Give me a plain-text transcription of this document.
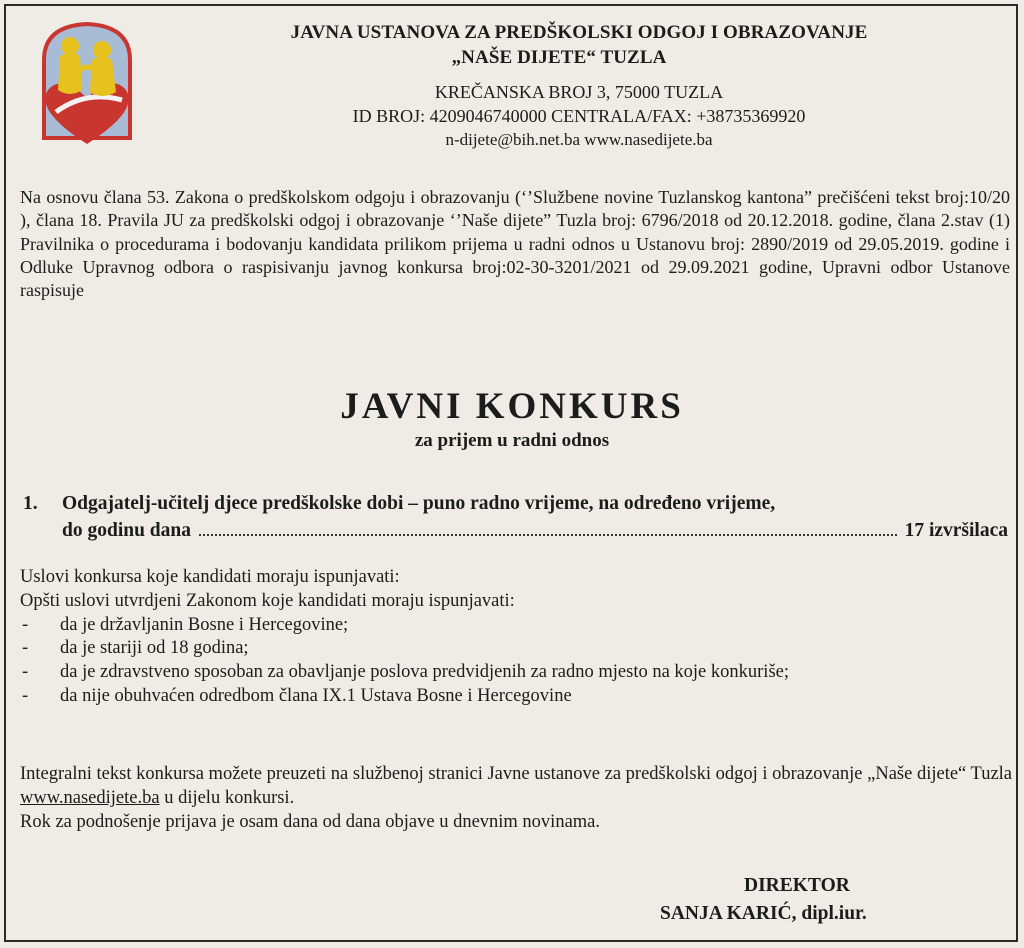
JAVNA USTANOVA ZA PREDŠKOLSKI ODGOJ I OBRAZOVANJE
„NAŠE DIJETE“ TUZLA
KREČANSKA BROJ 3, 75000 TUZLA
ID BROJ: 4209046740000 CENTRALA/FAX: +38735369920
n-dijete@bih.net.ba www.nasedijete.ba
Na osnovu člana 53. Zakona o predškolskom odgoju i obrazovanju (‘’Službene novine Tuzlanskog kantona” prečišćeni tekst broj:10/20 ), člana 18. Pravila JU za predškolski odgoj i obrazovanje ‘’Naše dijete” Tuzla broj: 6796/2018 od 20.12.2018. godine, člana 2.stav (1) Pravilnika o procedurama i bodovanju kandidata prilikom prijema u radni odnos u Ustanovu broj: 2890/2019 od 29.05.2019. godine i Odluke Upravnog odbora o raspisivanju javnog konkursa broj:02-30-3201/2021 od 29.09.2021 godine, Upravni odbor Ustanove raspisuje
JAVNI KONKURS
za prijem u radni odnos
1. Odgajatelj-učitelj djece predškolske dobi – puno radno vrijeme, na određeno vrijeme,
do godinu dana	17 izvršilaca
Uslovi konkursa koje kandidati moraju ispunjavati:
Opšti uslovi utvrdjeni Zakonom koje kandidati moraju ispunjavati:
- da je državljanin Bosne i Hercegovine;
- da je stariji od 18 godina;
- da je zdravstveno sposoban za obavljanje poslova predvidjenih za radno mjesto na koje konkuriše;
- da nije obuhvaćen odredbom člana IX.1 Ustava Bosne i Hercegovine
Integralni tekst konkursa možete preuzeti na službenoj stranici Javne ustanove za predškolski odgoj i obrazovanje „Naše dijete“ Tuzla www.nasedijete.ba u dijelu konkursi.
Rok za podnošenje prijava je osam dana od dana objave u dnevnim novinama.
DIREKTOR
SANJA KARIĆ, dipl.iur.
